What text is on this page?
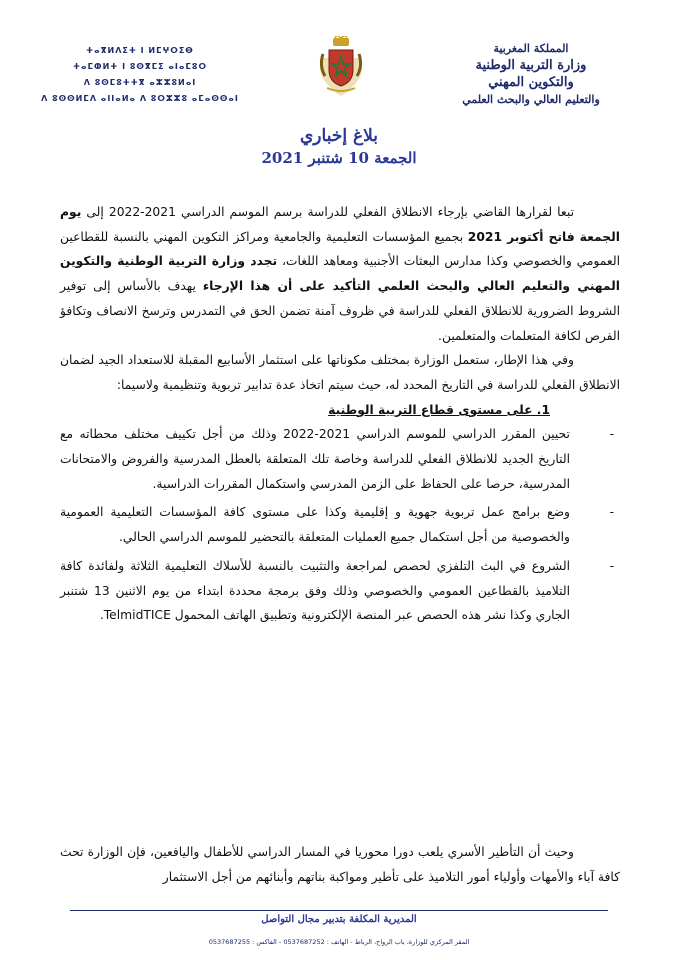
المملكة المغربية
وزارة التربية الوطنية
والتكوين المهني
والتعليم العالي والبحث العلمي
ⵜⴰⴳⵍⴷⵉⵜ ⵏ ⵍⵎⵖⵔⵉⴱ
ⵜⴰⵎⵀⵍⵜ ⵏ ⵓⵙⴳⵎⵉ ⴰⵏⴰⵎⵓⵔ
ⴷ ⵓⵙⵎⵓⵜⵜⴳ ⴰⵣⵣⵓⵍⴰⵏ
ⴷ ⵓⵙⵙⵍⵎⴷ ⴰⵏⵏⴰⵍⴰ ⴷ ⵓⵔⵣⵣⵓ ⴰⵎⴰⵙⵙⴰⵏ
بلاغ إخباري
الجمعة 10 شتنبر 2021

تبعا لقرارها القاضي بإرجاء الانطلاق الفعلي للدراسة برسم الموسم الدراسي 2021-2022 إلى يوم الجمعة فاتح أكتوبر 2021 بجميع المؤسسات التعليمية والجامعية ومراكز التكوين المهني بالنسبة للقطاعين العمومي والخصوصي وكذا مدارس البعثات الأجنبية ومعاهد اللغات، تجدد وزارة التربية الوطنية والتكوين المهني والتعليم العالي والبحث العلمي التأكيد على أن هذا الإرجاء يهدف بالأساس إلى توفير الشروط الضرورية للانطلاق الفعلي للدراسة في ظروف آمنة تضمن الحق في التمدرس وترسخ الانصاف وتكافؤ الفرص لكافة المتعلمات والمتعلمين.

وفي هذا الإطار، ستعمل الوزارة بمختلف مكوناتها على استثمار الأسابيع المقبلة للاستعداد الجيد لضمان الانطلاق الفعلي للدراسة في التاريخ المحدد له، حيث سيتم اتخاذ عدة تدابير تربوية وتنظيمية ولاسيما:

1. على مستوى قطاع التربية الوطنية

-
تحيين المقرر الدراسي للموسم الدراسي 2021-2022 وذلك من أجل تكييف مختلف محطاته مع التاريخ الجديد للانطلاق الفعلي للدراسة وخاصة تلك المتعلقة بالعطل المدرسية والفروض والامتحانات المدرسية، حرصا على الحفاظ على الزمن المدرسي واستكمال المقررات الدراسية.
-
وضع برامج عمل تربوية جهوية و إقليمية وكذا على مستوى كافة المؤسسات التعليمية العمومية والخصوصية من أجل استكمال جميع العمليات المتعلقة بالتحضير للموسم الدراسي الحالي.
-
الشروع في البث التلفزي لحصص لمراجعة والتثبيت بالنسبة للأسلاك التعليمية الثلاثة ولفائدة كافة التلاميذ بالقطاعين العمومي والخصوصي وذلك وفق برمجة محددة ابتداء من يوم الاثنين 13 شتنبر الجاري وكذا نشر هذه الحصص عبر المنصة الإلكترونية وتطبيق الهاتف المحمول TelmidTICE.

وحيث أن التأطير الأسري يلعب دورا محوريا في المسار الدراسي للأطفال واليافعين، فإن الوزارة تحث كافة آباء والأمهات وأولياء أمور التلاميذ على تأطير ومواكبة بناتهم وأبنائهم من أجل الاستثمار

المديرية المكلفة بتدبير مجال التواصل
المقر المركزي للوزارة، باب الرواح، الرباط - الهاتف : 0537687252 - الفاكس : 0537687255
